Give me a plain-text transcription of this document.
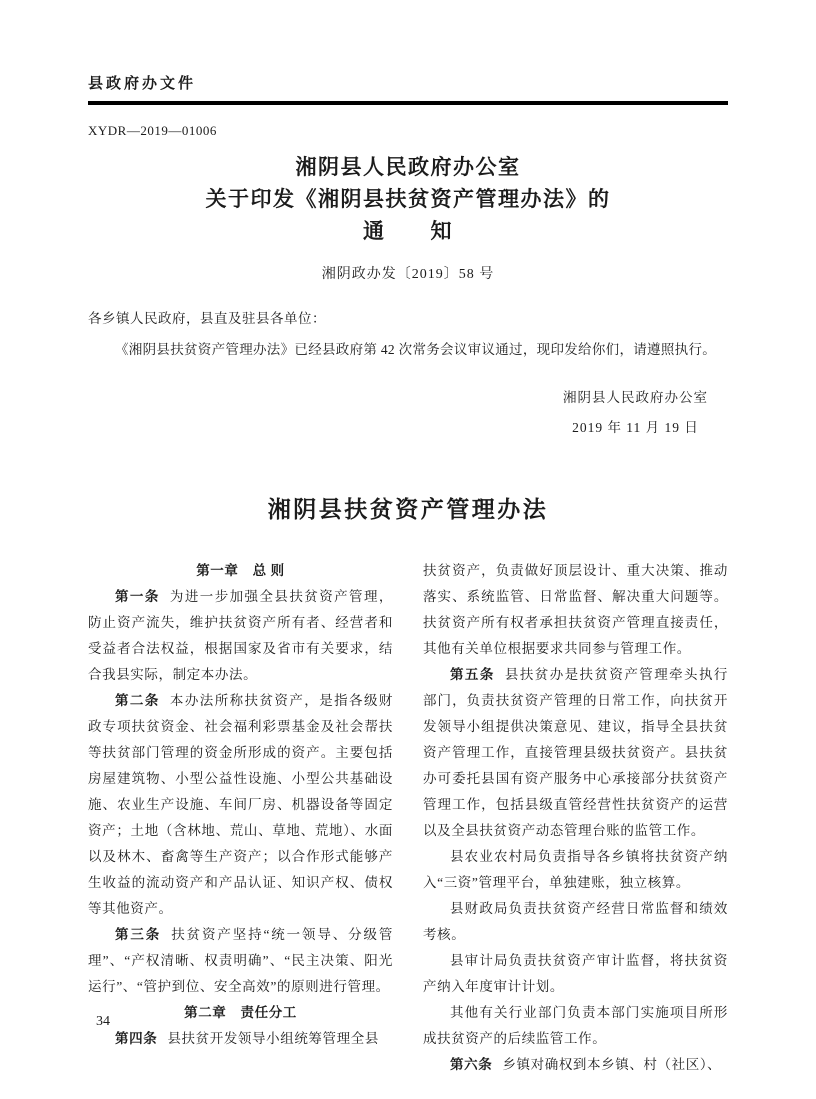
县政府办文件
XYDR—2019—01006
湘阴县人民政府办公室
关于印发《湘阴县扶贫资产管理办法》的
通　　知
湘阴政办发〔2019〕58 号

各乡镇人民政府，县直及驻县各单位：

《湘阴县扶贫资产管理办法》已经县政府第 42 次常务会议审议通过，现印发给你们，请遵照执行。

湘阴县人民政府办公室
2019 年 11 月 19 日
湘阴县扶贫资产管理办法

第一章　总 则

第一条 为进一步加强全县扶贫资产管理，防止资产流失，维护扶贫资产所有者、经营者和受益者合法权益，根据国家及省市有关要求，结合我县实际，制定本办法。

第二条 本办法所称扶贫资产，是指各级财政专项扶贫资金、社会福利彩票基金及社会帮扶等扶贫部门管理的资金所形成的资产。主要包括房屋建筑物、小型公益性设施、小型公共基础设施、农业生产设施、车间厂房、机器设备等固定资产；土地（含林地、荒山、草地、荒地）、水面以及林木、畜禽等生产资产；以合作形式能够产生收益的流动资产和产品认证、知识产权、债权等其他资产。

第三条 扶贫资产坚持“统一领导、分级管理”、“产权清晰、权责明确”、“民主决策、阳光运行”、“管护到位、安全高效”的原则进行管理。

第二章　责任分工

第四条 县扶贫开发领导小组统筹管理全县

扶贫资产，负责做好顶层设计、重大决策、推动落实、系统监管、日常监督、解决重大问题等。扶贫资产所有权者承担扶贫资产管理直接责任，其他有关单位根据要求共同参与管理工作。

第五条 县扶贫办是扶贫资产管理牵头执行部门，负责扶贫资产管理的日常工作，向扶贫开发领导小组提供决策意见、建议，指导全县扶贫资产管理工作，直接管理县级扶贫资产。县扶贫办可委托县国有资产服务中心承接部分扶贫资产管理工作，包括县级直管经营性扶贫资产的运营以及全县扶贫资产动态管理台账的监管工作。

县农业农村局负责指导各乡镇将扶贫资产纳入“三资”管理平台，单独建账，独立核算。

县财政局负责扶贫资产经营日常监督和绩效考核。

县审计局负责扶贫资产审计监督，将扶贫资产纳入年度审计计划。

其他有关行业部门负责本部门实施项目所形成扶贫资产的后续监管工作。

第六条 乡镇对确权到本乡镇、村（社区）、

34
